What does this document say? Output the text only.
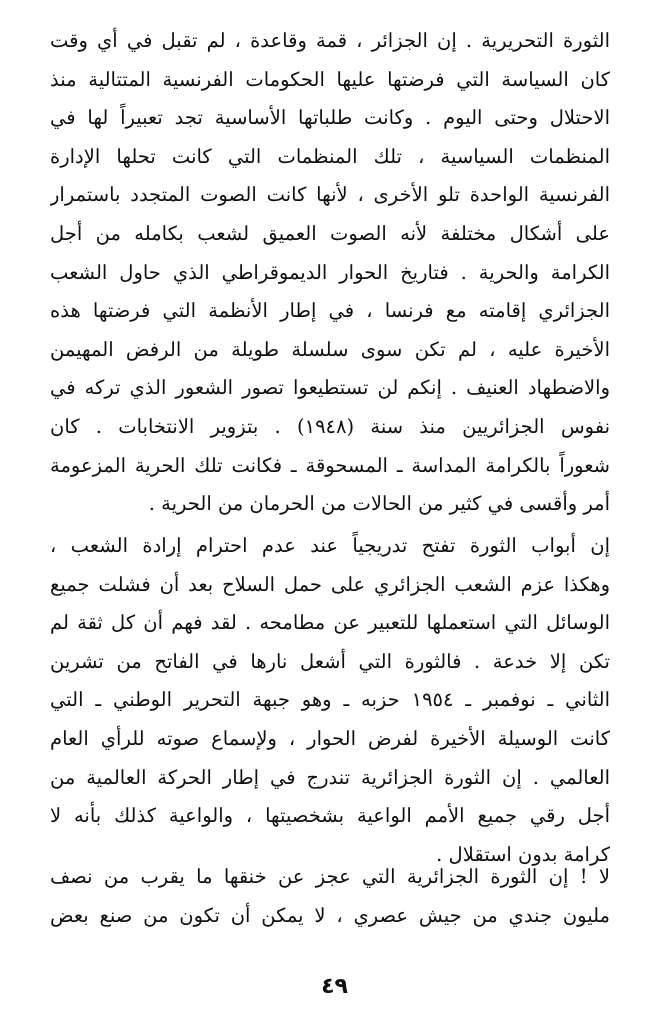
الثورة التحريرية . إن الجزائر ، قمة وقاعدة ، لم تقبل في أي وقت
كان السياسة التي فرضتها عليها الحكومات الفرنسية المتتالية منذ
الاحتلال وحتى اليوم . وكانت طلباتها الأساسية تجد تعبيراً لها في
المنظمات السياسية ، تلك المنظمات التي كانت تحلها الإدارة
الفرنسية الواحدة تلو الأخرى ، لأنها كانت الصوت المتجدد باستمرار
على أشكال مختلفة لأنه الصوت العميق لشعب بكامله من أجل
الكرامة والحرية . فتاريخ الحوار الديموقراطي الذي حاول الشعب
الجزائري إقامته مع فرنسا ، في إطار الأنظمة التي فرضتها هذه
الأخيرة عليه ، لم تكن سوى سلسلة طويلة من الرفض المهيمن
والاضطهاد العنيف . إنكم لن تستطيعوا تصور الشعور الذي تركه في
نفوس الجزائريين منذ سنة (١٩٤٨) . بتزوير الانتخابات . كان
شعوراً بالكرامة المداسة ـ المسحوقة ـ فكانت تلك الحرية المزعومة
أمر وأقسى في كثير من الحالات من الحرمان من الحرية .
إن أبواب الثورة تفتح تدريجياً عند عدم احترام إرادة الشعب ،
وهكذا عزم الشعب الجزائري على حمل السلاح بعد أن فشلت جميع
الوسائل التي استعملها للتعبير عن مطامحه . لقد فهم أن كل ثقة لم
تكن إلا خدعة . فالثورة التي أشعل نارها في الفاتح من تشرين
الثاني ـ نوفمبر ـ ١٩٥٤ حزبه ـ وهو جبهة التحرير الوطني ـ التي
كانت الوسيلة الأخيرة لفرض الحوار ، ولإسماع صوته للرأي العام
العالمي . إن الثورة الجزائرية تندرج في إطار الحركة العالمية من
أجل رقي جميع الأمم الواعية بشخصيتها ، والواعية كذلك بأنه لا
كرامة بدون استقلال .
لا ! إن الثورة الجزائرية التي عجز عن خنقها ما يقرب من نصف
مليون جندي من جيش عصري ، لا يمكن أن تكون من صنع بعض
٤٩
